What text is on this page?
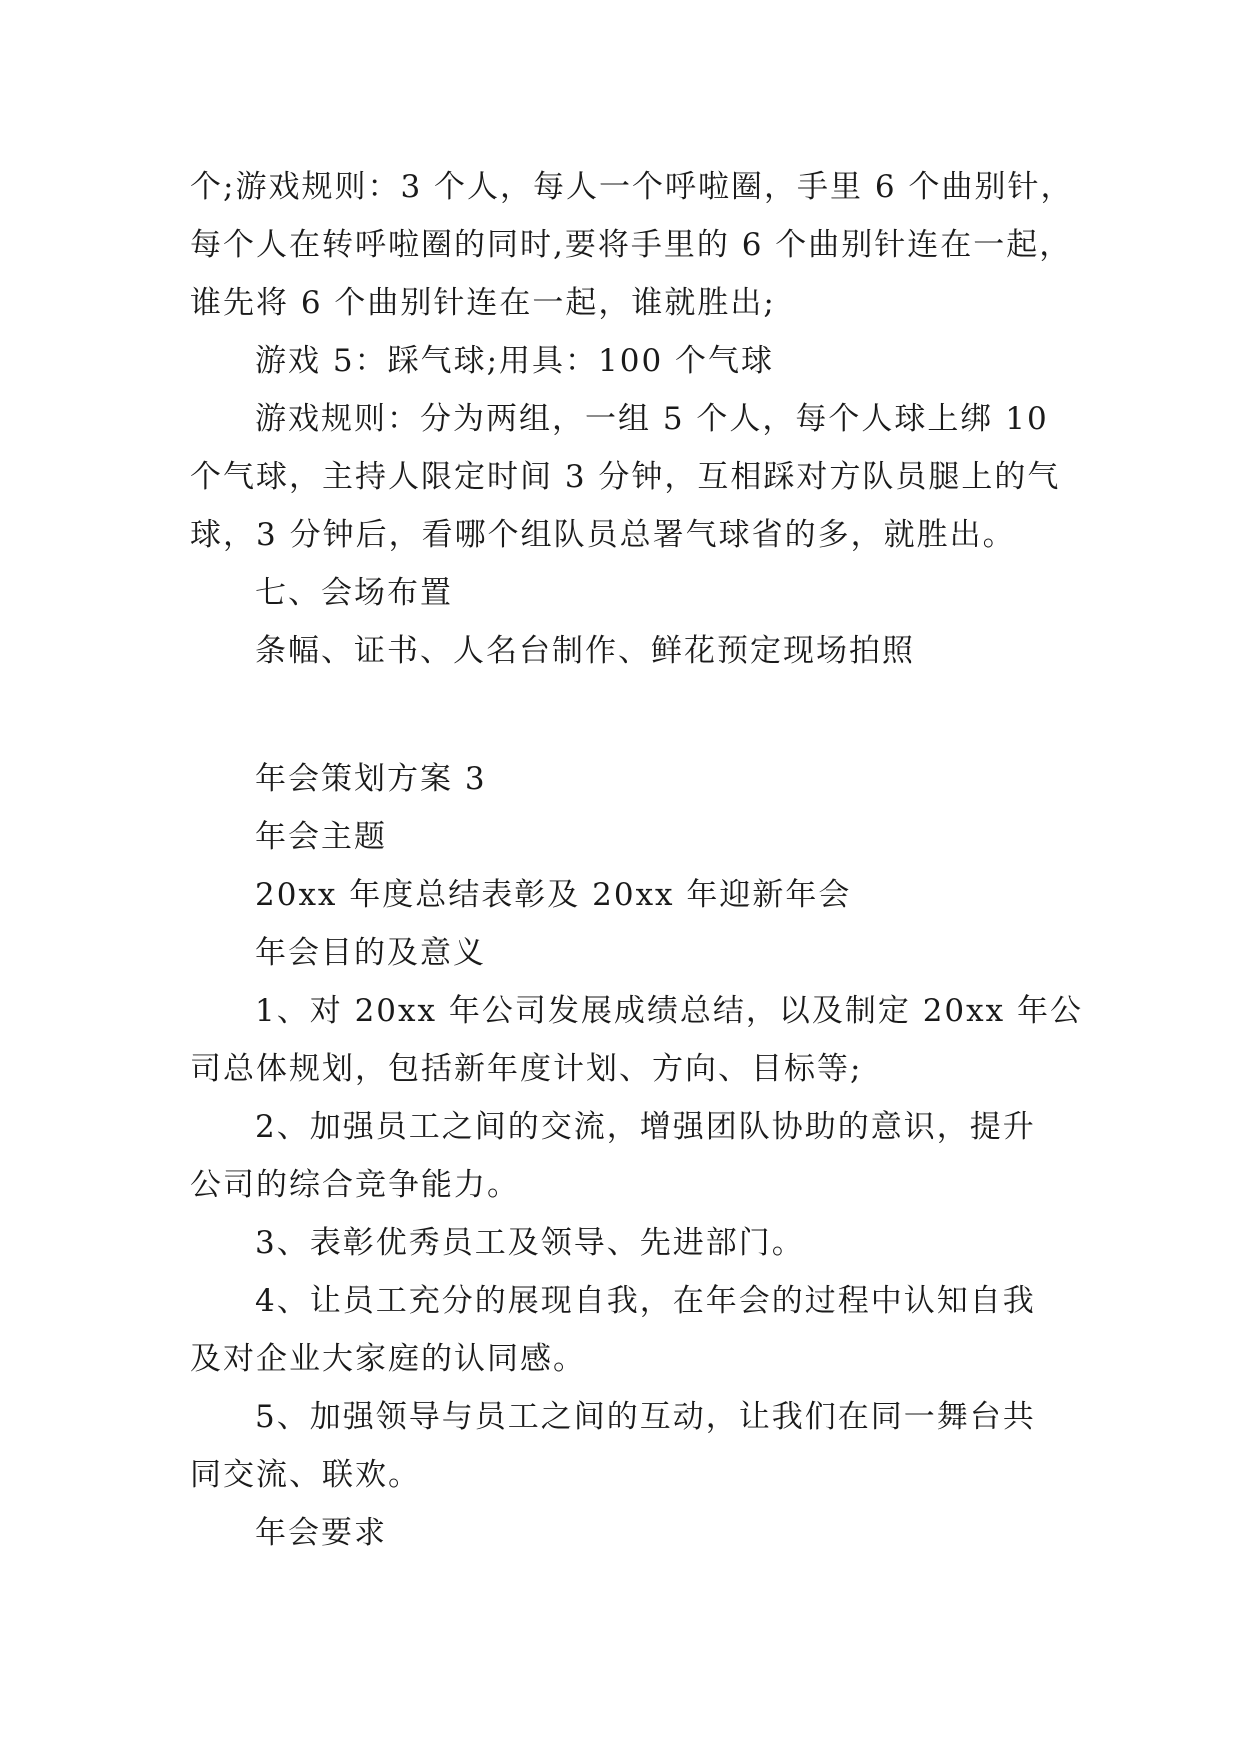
个;游戏规则：3 个人，每人一个呼啦圈，手里 6 个曲别针，
每个人在转呼啦圈的同时,要将手里的 6 个曲别针连在一起，
谁先将 6 个曲别针连在一起，谁就胜出;
游戏 5：踩气球;用具：100 个气球
游戏规则：分为两组，一组 5 个人，每个人球上绑 10
个气球，主持人限定时间 3 分钟，互相踩对方队员腿上的气
球，3 分钟后，看哪个组队员总署气球省的多，就胜出。
七、会场布置
条幅、证书、人名台制作、鲜花预定现场拍照
年会策划方案 3
年会主题
20xx 年度总结表彰及 20xx 年迎新年会
年会目的及意义
1、对 20xx 年公司发展成绩总结，以及制定 20xx 年公
司总体规划，包括新年度计划、方向、目标等;
2、加强员工之间的交流，增强团队协助的意识，提升
公司的综合竞争能力。
3、表彰优秀员工及领导、先进部门。
4、让员工充分的展现自我，在年会的过程中认知自我
及对企业大家庭的认同感。
5、加强领导与员工之间的互动，让我们在同一舞台共
同交流、联欢。
年会要求
